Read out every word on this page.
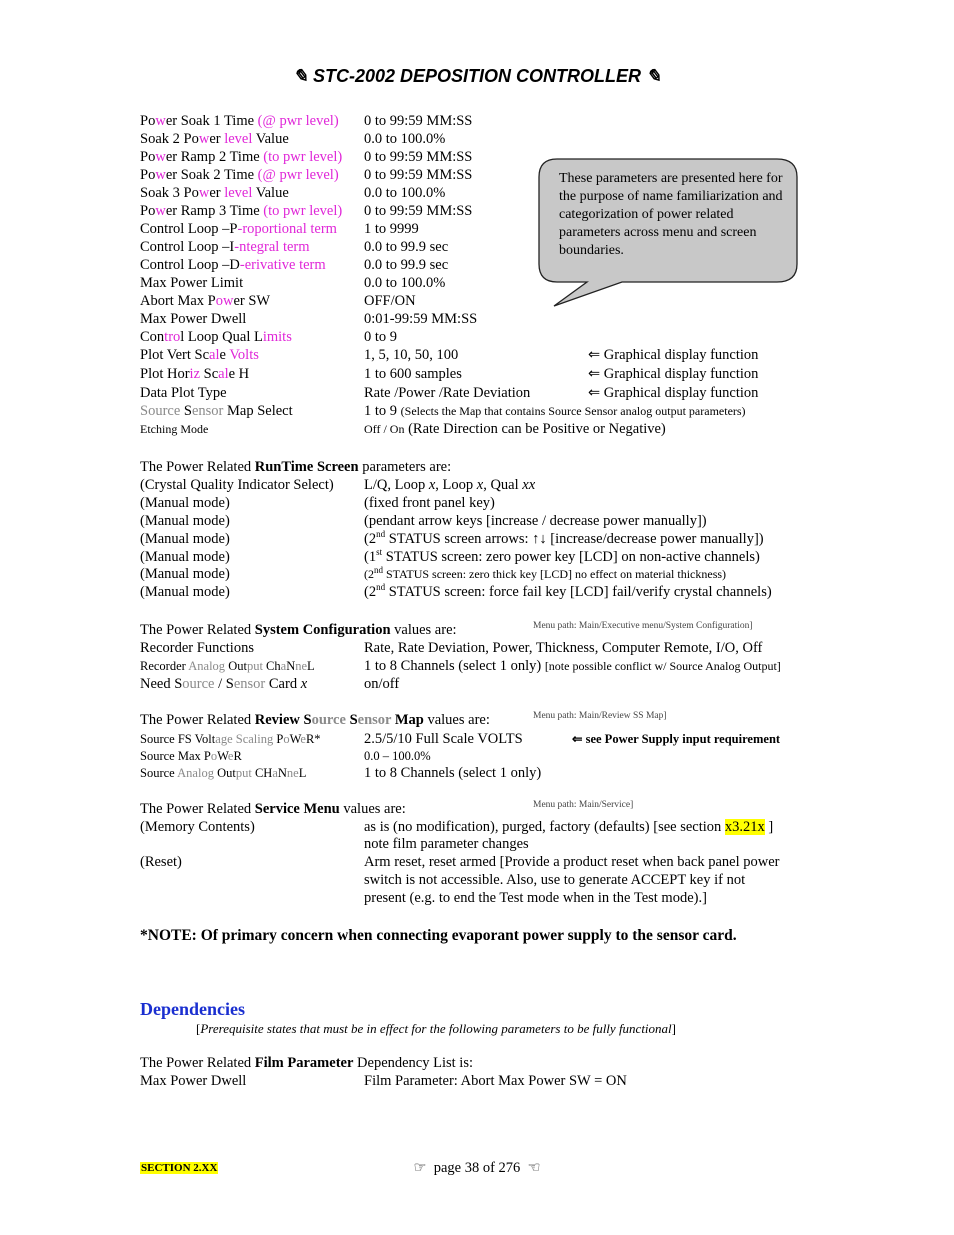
✎ STC-2002 DEPOSITION CONTROLLER ✎
Power Soak 1 Time (@ pwr level) 0 to 99:59 MM:SS
Soak 2 Power level Value	0.0 to 100.0%
Power Ramp 2 Time (to pwr level) 0 to 99:59 MM:SS
Power Soak 2 Time (@ pwr level) 0 to 99:59 MM:SS
Soak 3 Power level Value	0.0 to 100.0%
Power Ramp 3 Time (to pwr level) 0 to 99:59 MM:SS
Control Loop –P-roportional term 1 to 9999
Control Loop –I-ntegral term	0.0 to 99.9 sec
Control Loop –D-erivative term	0.0 to 99.9 sec
Max Power Limit	0.0 to 100.0%
Abort Max Power SW	OFF/ON
Max Power Dwell	0:01-99:59 MM:SS
Control Loop Qual Limits	0 to 9
Plot Vert Scale Volts	1, 5, 10, 50, 100	⇐ Graphical display function
Plot Horiz Scale H	1 to 600 samples	⇐ Graphical display function
Data Plot Type	Rate /Power /Rate Deviation	⇐ Graphical display function
Source Sensor Map Select	1 to 9 (Selects the Map that contains Source Sensor analog output parameters)
Etching Mode	Off / On (Rate Direction can be Positive or Negative)
These parameters are presented here for the purpose of name familiarization and categorization of power related parameters across menu and screen boundaries.
The Power Related RunTime Screen parameters are:
(Crystal Quality Indicator Select) L/Q, Loop x, Loop x, Qual xx
(Manual mode)	(fixed front panel key)
(Manual mode)	(pendant arrow keys [increase / decrease power manually])
(Manual mode)	(2nd STATUS screen arrows: ↑↓ [increase/decrease power manually])
(Manual mode)	(1st STATUS screen: zero power key [LCD] on non-active channels)
(Manual mode)	(2nd STATUS screen: zero thick key [LCD] no effect on material thickness)
(Manual mode)	(2nd STATUS screen: force fail key [LCD] fail/verify crystal channels)
The Power Related System Configuration values are:	Menu path: Main/Executive menu/System Configuration]
Recorder Functions	Rate, Rate Deviation, Power, Thickness, Computer Remote, I/O, Off
Recorder Analog Output ChaNneL	1 to 8 Channels (select 1 only) [note possible conflict w/ Source Analog Output]
Need Source / Sensor Card x	on/off
The Power Related Review Source Sensor Map values are:	Menu path: Main/Review SS Map]
Source FS Voltage Scaling PoWeR*	2.5/5/10 Full Scale VOLTS	⇐ see Power Supply input requirement
Source Max PoWeR	0.0 – 100.0%
Source Analog Output CHaNneL	1 to 8 Channels (select 1 only)
The Power Related Service Menu values are:	Menu path: Main/Service]
(Memory Contents)	as is (no modification), purged, factory (defaults) [see section x3.21x ]
note film parameter changes
(Reset)	Arm reset, reset armed [Provide a product reset when back panel power
switch is not accessible. Also, use to generate ACCEPT key if not
present (e.g. to end the Test mode when in the Test mode).]
*NOTE: Of primary concern when connecting evaporant power supply to the sensor card.
Dependencies
[Prerequisite states that must be in effect for the following parameters to be fully functional]
The Power Related Film Parameter Dependency List is:
Max Power Dwell	Film Parameter: Abort Max Power SW = ON
SECTION 2.XX	☞ page 38 of 276 ☜
